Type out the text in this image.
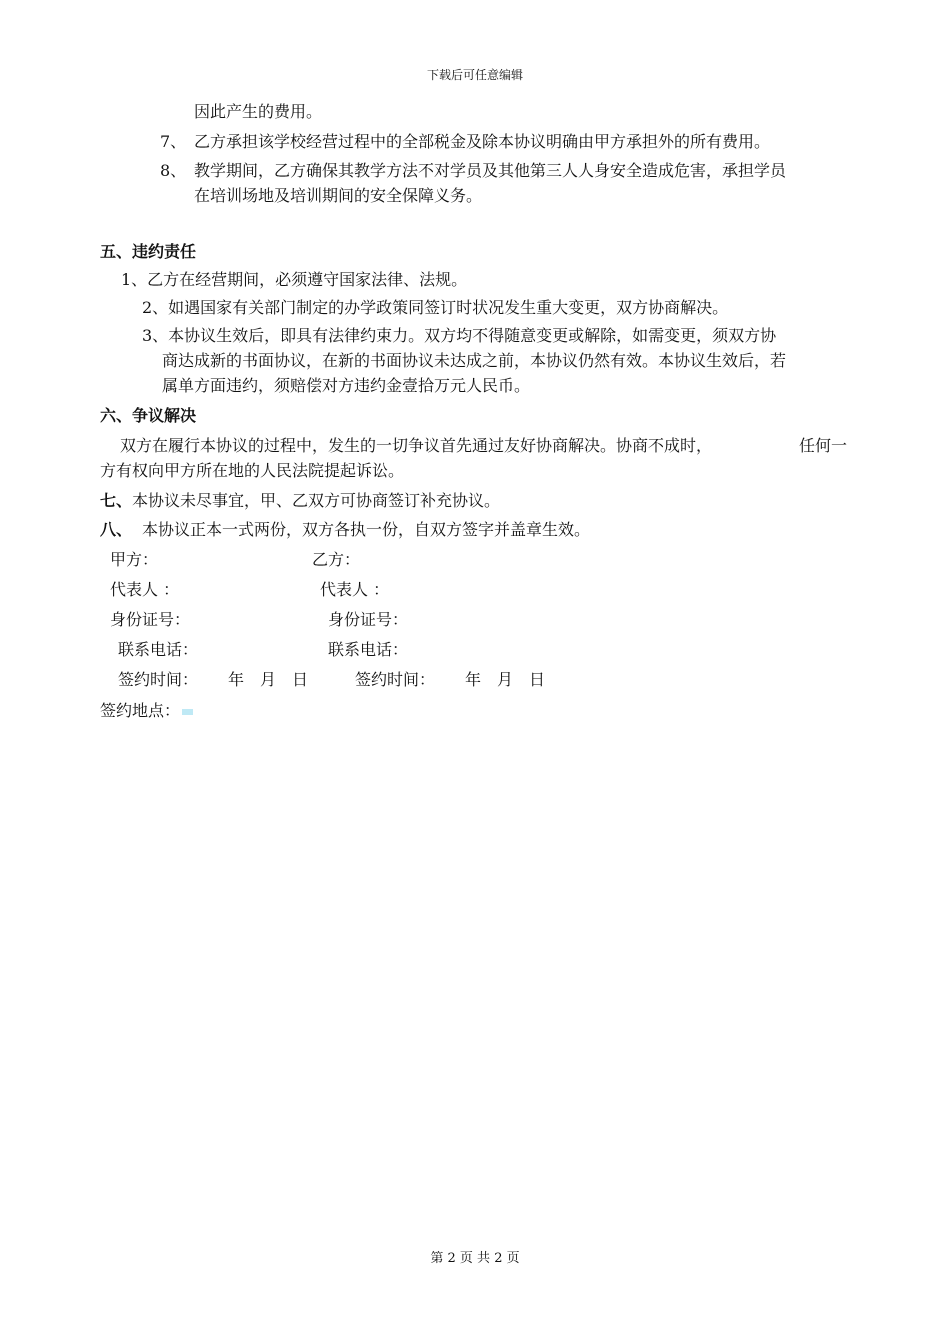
下载后可任意编辑
因此产生的费用。
7、 乙方承担该学校经营过程中的全部税金及除本协议明确由甲方承担外的所有费用。
8、 教学期间，乙方确保其教学方法不对学员及其他第三人人身安全造成危害，承担学员
在培训场地及培训期间的安全保障义务。
五、违约责任
1、乙方在经营期间，必须遵守国家法律、法规。
2、如遇国家有关部门制定的办学政策同签订时状况发生重大变更，双方协商解决。
3、本协议生效后，即具有法律约束力。双方均不得随意变更或解除，如需变更，须双方协
商达成新的书面协议，在新的书面协议未达成之前，本协议仍然有效。本协议生效后，若
属单方面违约，须赔偿对方违约金壹拾万元人民币。
六、争议解决
双方在履行本协议的过程中，发生的一切争议首先通过友好协商解决。协商不成时，	任何一
方有权向甲方所在地的人民法院提起诉讼。
七、本协议未尽事宜，甲、乙双方可协商签订补充协议。
八、 本协议正本一式两份，双方各执一份，自双方签字并盖章生效。
甲方：	乙方：
代表人 ：	代表人 ：
身份证号：	身份证号：
联系电话：	联系电话：
签约时间： 年　月　日	签约时间： 年　月　日
签约地点：
第 2 页 共 2 页
